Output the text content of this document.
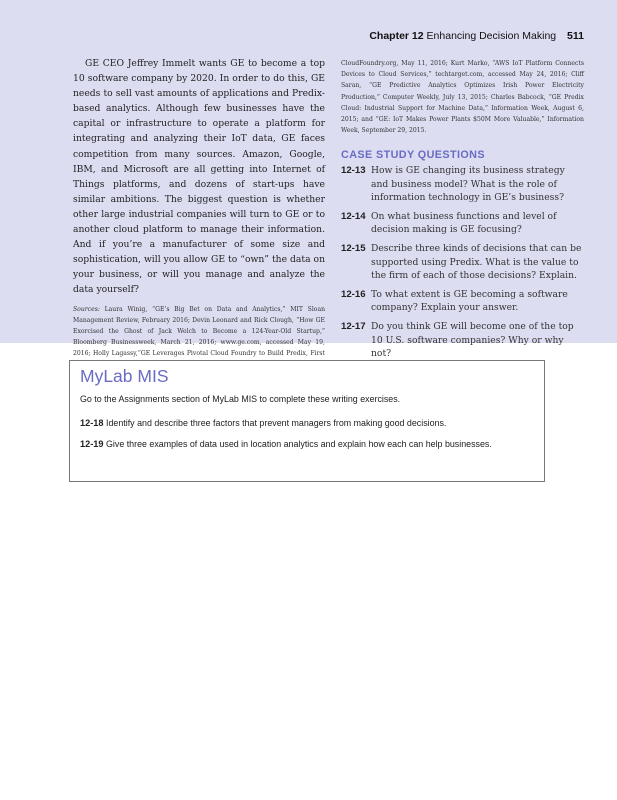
Chapter 12 Enhancing Decision Making 511

GE CEO Jeffrey Immelt wants GE to become a top 10 software company by 2020. In order to do this, GE needs to sell vast amounts of applications and Predix-based analytics. Although few businesses have the capital or infrastructure to operate a platform for integrating and analyzing their IoT data, GE faces competition from many sources. Amazon, Google, IBM, and Microsoft are all getting into Internet of Things platforms, and dozens of start-ups have similar ambitions. The biggest question is whether other large industrial companies will turn to GE or to another cloud platform to manage their information. And if you’re a manufacturer of some size and sophistication, will you allow GE to “own” the data on your business, or will you manage and analyze the data yourself?

Sources: Laura Winig, “GE’s Big Bet on Data and Analytics,” MIT Sloan Management Review, February 2016; Devin Leonard and Rick Clough, “How GE Exorcised the Ghost of Jack Welch to Become a 124-Year-Old Startup,” Bloomberg Businessweek, March 21, 2016; www.ge.com, accessed May 19, 2016; Holly Lagassy,“GE Leverages Pivotal Cloud Foundry to Build Predix, First

CloudFoundry.org, May 11, 2016; Kurt Marko, “AWS IoT Platform Connects Devices to Cloud Services,” techtarget.com, accessed May 24, 2016; Cliff Saran, “GE Predictive Analytics Optimizes Irish Power Electricity Production,” Computer Weekly, July 13, 2015; Charles Babcock, “GE Predix Cloud: Industrial Support for Machine Data,” Information Week, August 6, 2015; and “GE: IoT Makes Power Plants $50M More Valuable,” Information Week, September 29, 2015.

CASE STUDY QUESTIONS
12-13 How is GE changing its business strategy and business model? What is the role of information technology in GE’s business?
12-14 On what business functions and level of decision making is GE focusing?
12-15 Describe three kinds of decisions that can be supported using Predix. What is the value to the firm of each of those decisions? Explain.
12-16 To what extent is GE becoming a software company? Explain your answer.
12-17 Do you think GE will become one of the top 10 U.S. software companies? Why or why not?
MyLab MIS
Go to the Assignments section of MyLab MIS to complete these writing exercises.
12-18 Identify and describe three factors that prevent managers from making good decisions.
12-19 Give three examples of data used in location analytics and explain how each can help businesses.
